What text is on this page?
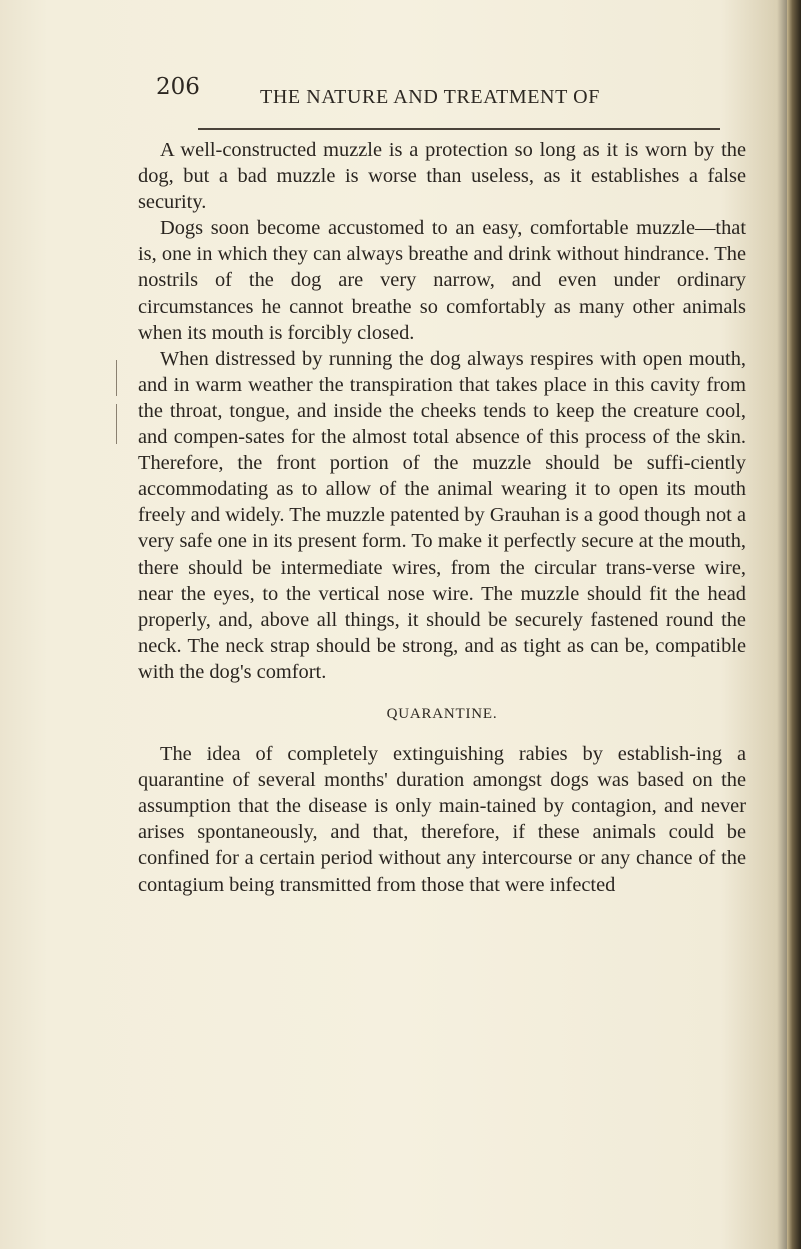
206	THE NATURE AND TREATMENT OF

A well-constructed muzzle is a protection so long as it is worn by the dog, but a bad muzzle is worse than useless, as it establishes a false security.

Dogs soon become accustomed to an easy, comfortable muzzle—that is, one in which they can always breathe and drink without hindrance. The nostrils of the dog are very narrow, and even under ordinary circumstances he cannot breathe so comfortably as many other animals when its mouth is forcibly closed.

When distressed by running the dog always respires with open mouth, and in warm weather the transpiration that takes place in this cavity from the throat, tongue, and inside the cheeks tends to keep the creature cool, and compen-sates for the almost total absence of this process of the skin. Therefore, the front portion of the muzzle should be suffi-ciently accommodating as to allow of the animal wearing it to open its mouth freely and widely. The muzzle patented by Grauhan is a good though not a very safe one in its present form. To make it perfectly secure at the mouth, there should be intermediate wires, from the circular trans-verse wire, near the eyes, to the vertical nose wire. The muzzle should fit the head properly, and, above all things, it should be securely fastened round the neck. The neck strap should be strong, and as tight as can be, compatible with the dog's comfort.

QUARANTINE.

The idea of completely extinguishing rabies by establish-ing a quarantine of several months' duration amongst dogs was based on the assumption that the disease is only main-tained by contagion, and never arises spontaneously, and that, therefore, if these animals could be confined for a certain period without any intercourse or any chance of the contagium being transmitted from those that were infected
